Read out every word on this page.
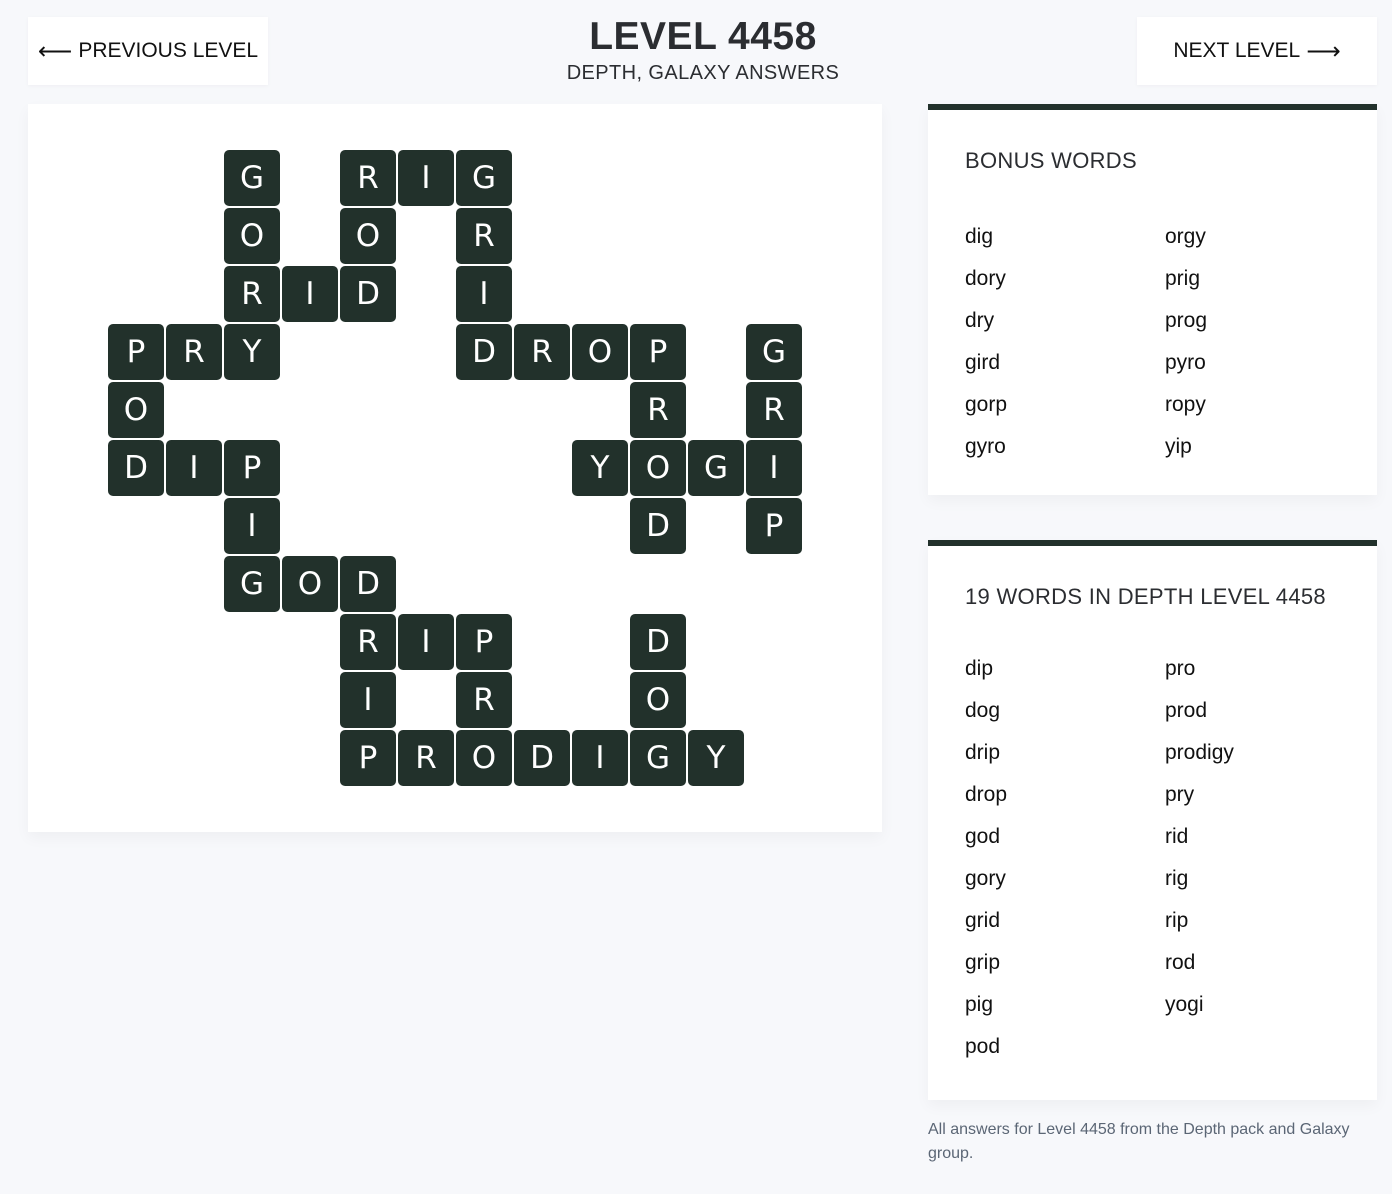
⟵ PREVIOUS LEVEL	LEVEL 4458
DEPTH, GALAXY ANSWERS
NEXT LEVEL ⟶
G	R	I	G
O	O	R
R	I	D	I
P	R	Y	D	R	O	P	G
O	R	R
D	I	P	Y	O	G	I
I	D	P
G	O	D
R	I	P	D
I	R	O
P	R	O	D	I	G	Y
BONUS WORDS
dig
dory
dry
gird
gorp
gyro
orgy
prig
prog
pyro
ropy
yip
19 WORDS IN DEPTH LEVEL 4458
dip
dog
drip
drop
god
gory
grid
grip
pig
pod
pro
prod
prodigy
pry
rid
rig
rip
rod
yogi
All answers for Level 4458 from the Depth pack and Galaxy group.
